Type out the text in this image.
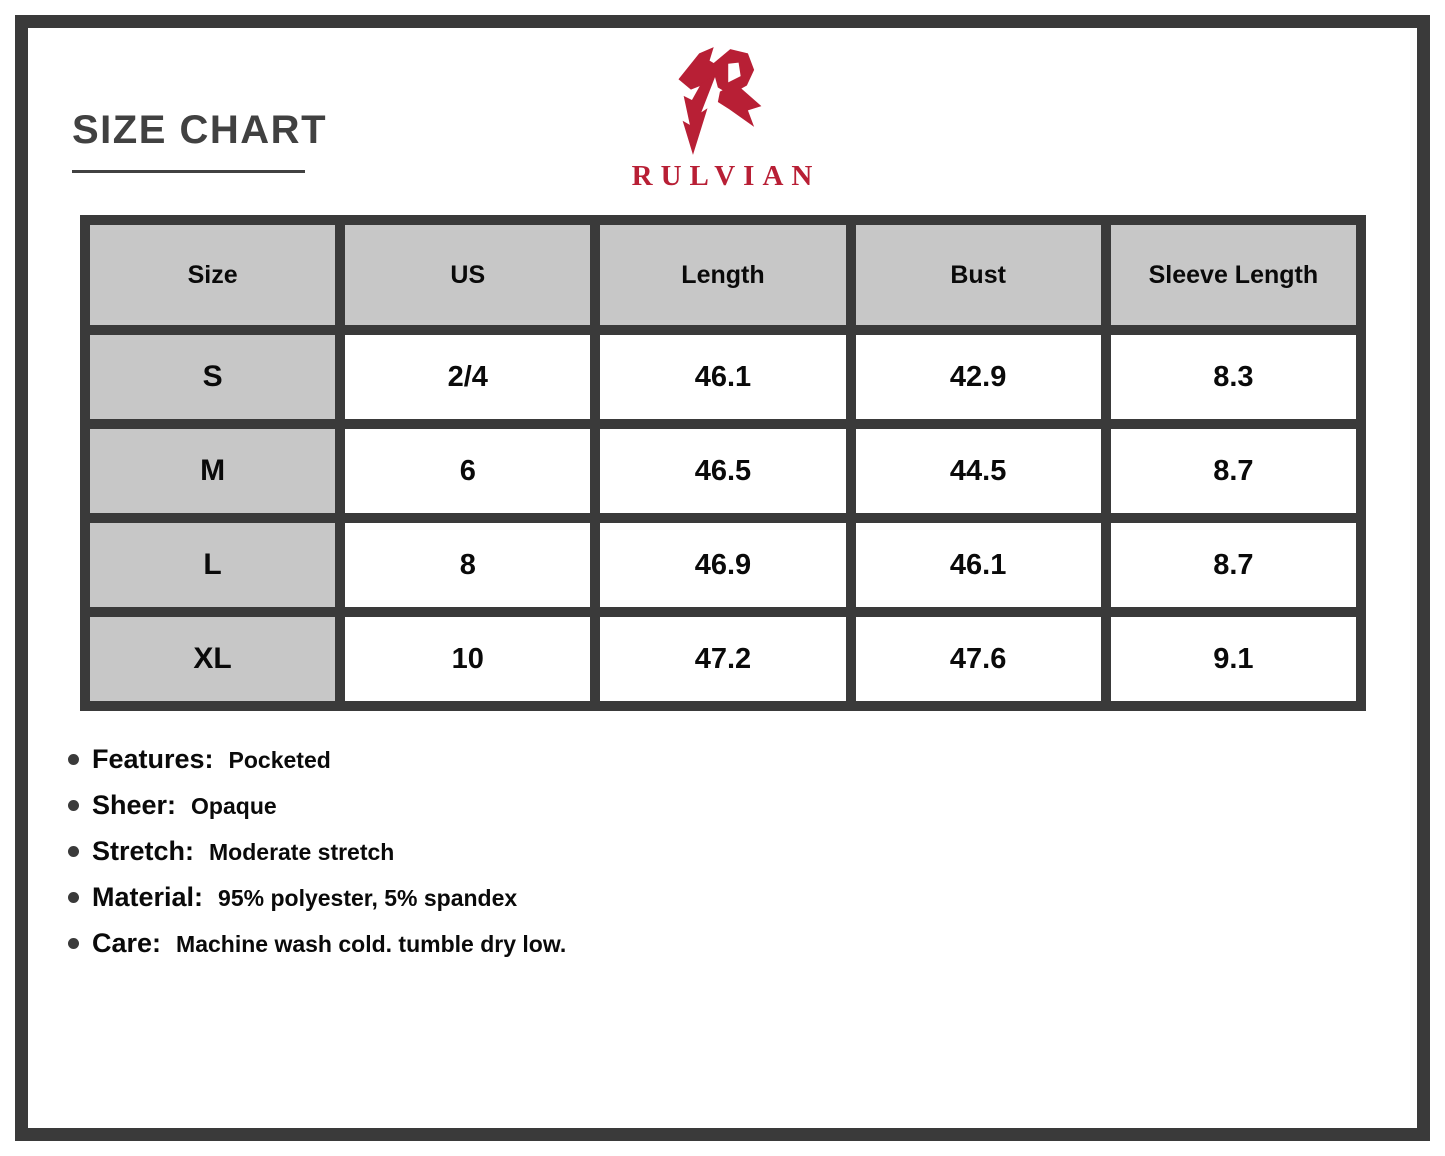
SIZE CHART
RULVIAN
Size	US	Length	Bust	Sleeve Length
S	2/4	46.1	42.9	8.3
M	6	46.5	44.5	8.7
L	8	46.9	46.1	8.7
XL	10	47.2	47.6	9.1
Features: Pocketed
Sheer: Opaque
Stretch: Moderate stretch
Material: 95% polyester, 5% spandex
Care: Machine wash cold. tumble dry low.
